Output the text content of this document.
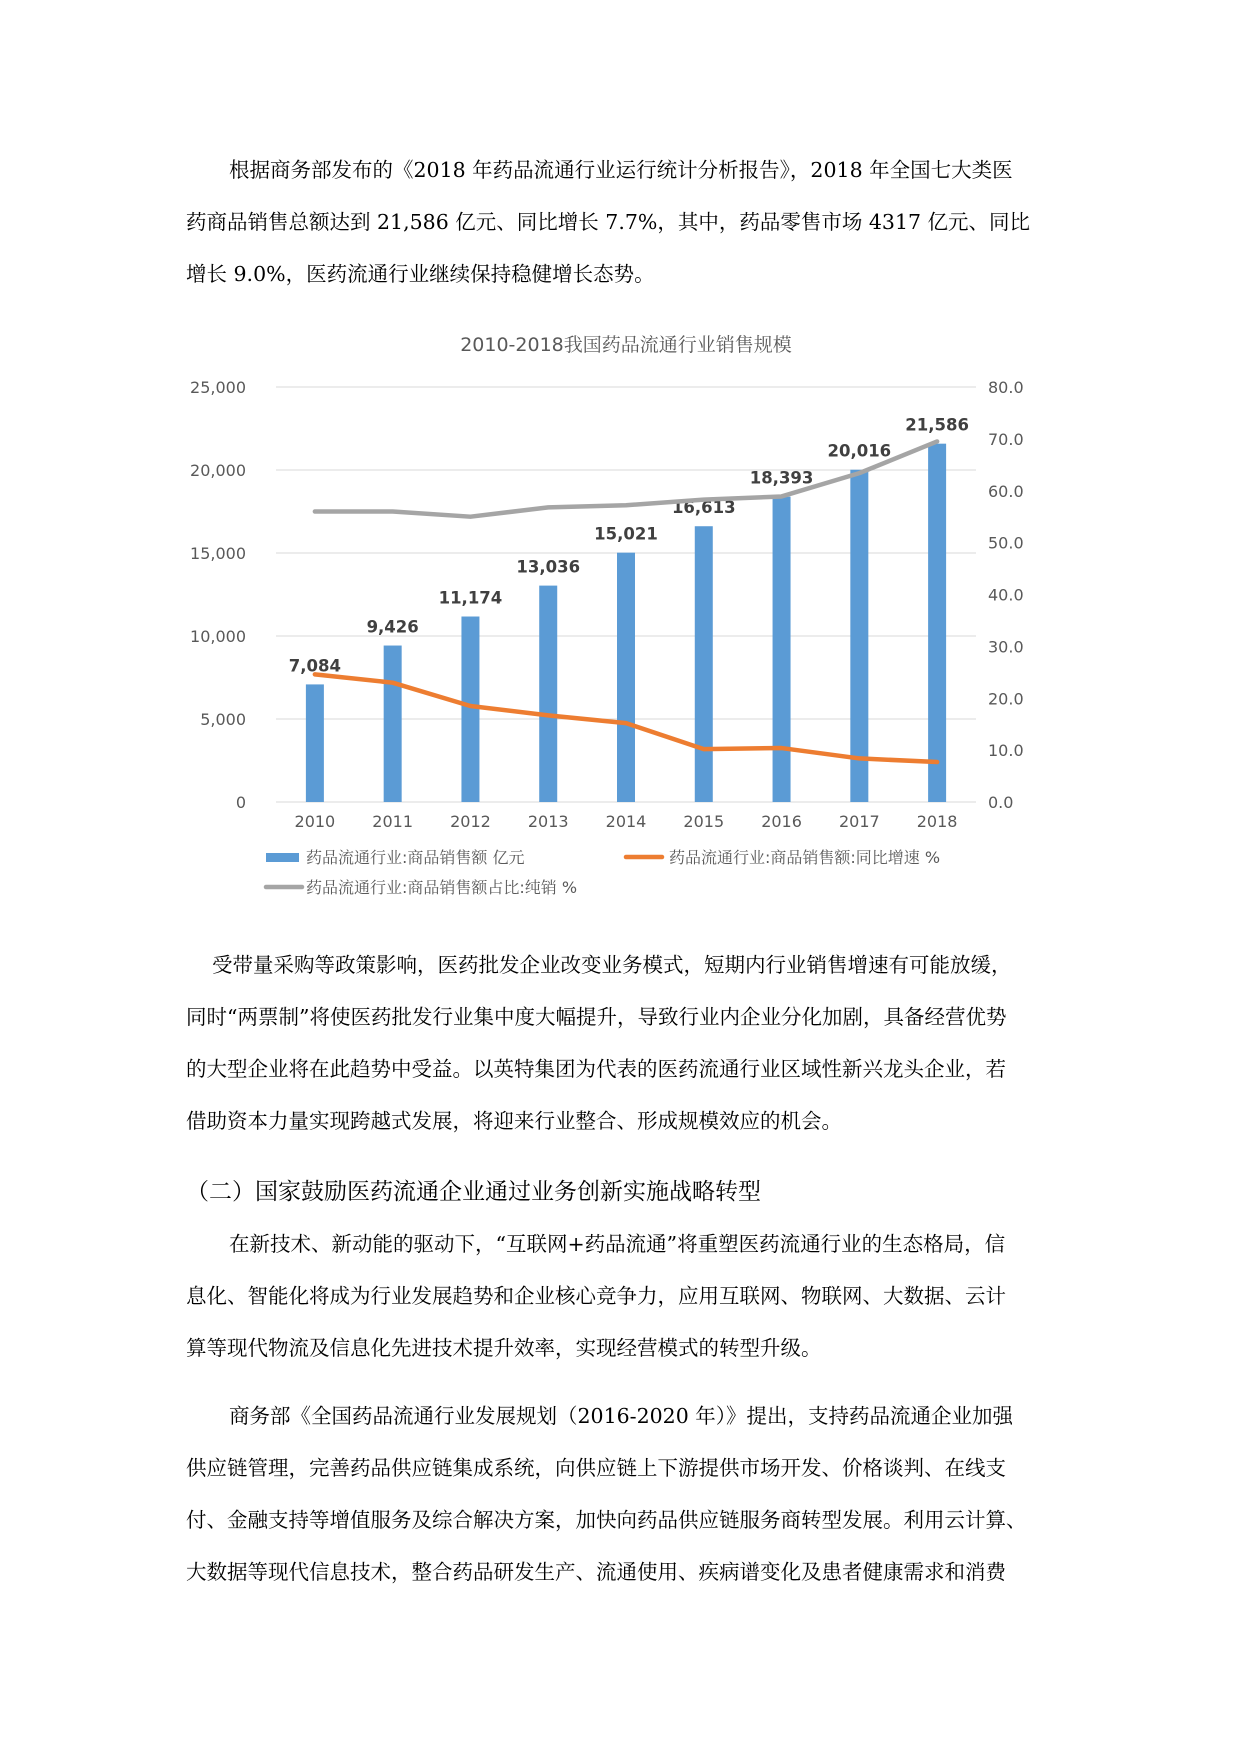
根据商务部发布的《2018 年药品流通行业运行统计分析报告》，2018 年全国七大类医
药商品销售总额达到 21,586 亿元、同比增长 7.7%，其中，药品零售市场 4317 亿元、同比
增长 9.0%，医药流通行业继续保持稳健增长态势。
2010-2018我国药品流通行业销售规模
0
5,000
10,000
15,000
20,000
25,000
0.0
10.0
20.0
30.0
40.0
50.0
60.0
70.0
80.0
2010 2011 2012 2013 2014 2015 2016 2017 2018
7,084
9,426
11,174
13,036
15,021
16,613
18,393
20,016
21,586
药品流通行业:商品销售额 亿元	药品流通行业:商品销售额:同比增速 %
药品流通行业:商品销售额占比:纯销 %
受带量采购等政策影响，医药批发企业改变业务模式，短期内行业销售增速有可能放缓，
同时“两票制”将使医药批发行业集中度大幅提升，导致行业内企业分化加剧，具备经营优势
的大型企业将在此趋势中受益。以英特集团为代表的医药流通行业区域性新兴龙头企业，若
借助资本力量实现跨越式发展，将迎来行业整合、形成规模效应的机会。
（二）国家鼓励医药流通企业通过业务创新实施战略转型
在新技术、新动能的驱动下，“互联网+药品流通”将重塑医药流通行业的生态格局，信
息化、智能化将成为行业发展趋势和企业核心竞争力，应用互联网、物联网、大数据、云计
算等现代物流及信息化先进技术提升效率，实现经营模式的转型升级。
商务部《全国药品流通行业发展规划（2016-2020 年）》提出，支持药品流通企业加强
供应链管理，完善药品供应链集成系统，向供应链上下游提供市场开发、价格谈判、在线支
付、金融支持等增值服务及综合解决方案，加快向药品供应链服务商转型发展。利用云计算、
大数据等现代信息技术，整合药品研发生产、流通使用、疾病谱变化及患者健康需求和消费
